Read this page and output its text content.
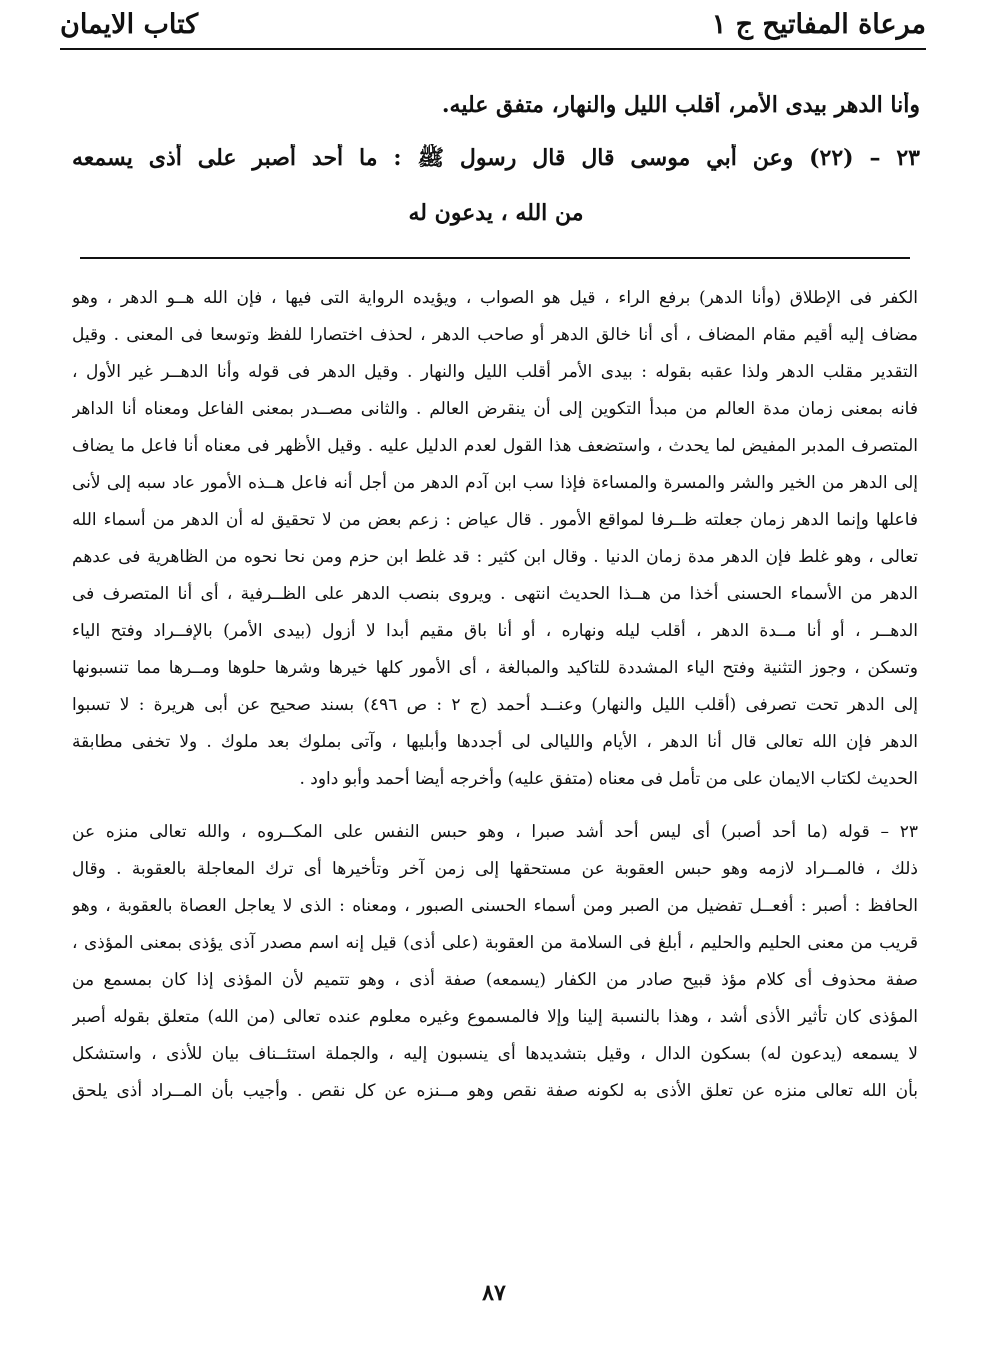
مرعاة المفاتيح ج ١
كتاب الايمان
وأنا الدهر بيدى الأمر، أقلب الليل والنهار، متفق عليه.
٢٣ – (٢٢) وعن أبي موسى قال قال رسول ﷺ : ما أحد أصبر على أذى يسمعه
من الله ، يدعون له
الكفر فى الإطلاق (وأنا الدهر) برفع الراء ، قيل هو الصواب ، ويؤيده الرواية التى فيها ، فإن الله هــو الدهر ، وهو
مضاف إليه أقيم مقام المضاف ، أى أنا خالق الدهر أو صاحب الدهر ، لحذف اختصارا للفظ وتوسعا فى المعنى . وقيل
التقدير مقلب الدهر ولذا عقبه بقوله : بيدى الأمر أقلب الليل والنهار . وقيل الدهر فى قوله وأنا الدهــر غير الأول ،
فانه بمعنى زمان مدة العالم من مبدأ التكوين إلى أن ينقرض العالم . والثانى مصــدر بمعنى الفاعل ومعناه أنا الداهر
المتصرف المدبر المفيض لما يحدث ، واستضعف هذا القول لعدم الدليل عليه . وقيل الأظهر فى معناه أنا فاعل ما يضاف
إلى الدهر من الخير والشر والمسرة والمساءة فإذا سب ابن آدم الدهر من أجل أنه فاعل هــذه الأمور عاد سبه إلى لأنى
فاعلها وإنما الدهر زمان جعلته ظــرفا لمواقع الأمور . قال عياض : زعم بعض من لا تحقيق له أن الدهر من أسماء الله
تعالى ، وهو غلط فإن الدهر مدة زمان الدنيا . وقال ابن كثير : قد غلط ابن حزم ومن نحا نحوه من الظاهرية فى عدهم
الدهر من الأسماء الحسنى أخذا من هــذا الحديث انتهى . ويروى بنصب الدهر على الظــرفية ، أى أنا المتصرف فى
الدهــر ، أو أنا مــدة الدهر ، أقلب ليله ونهاره ، أو أنا باق مقيم أبدا لا أزول (بيدى الأمر) بالإفــراد وفتح الياء
وتسكن ، وجوز التثنية وفتح الياء المشددة للتاكيد والمبالغة ، أى الأمور كلها خيرها وشرها حلوها ومــرها مما تنسبونها
إلى الدهر تحت تصرفى (أقلب الليل والنهار) وعنــد أحمد (ج ٢ : ص ٤٩٦) بسند صحيح عن أبى هريرة : لا تسبوا
الدهر فإن الله تعالى قال أنا الدهر ، الأيام والليالى لى أجددها وأبليها ، وآتى بملوك بعد ملوك . ولا تخفى مطابقة
الحديث لكتاب الايمان على من تأمل فى معناه (متفق عليه) وأخرجه أيضا أحمد وأبو داود .
٢٣ – قوله (ما أحد أصبر) أى ليس أحد أشد صبرا ، وهو حبس النفس على المكــروه ، والله تعالى منزه عن
ذلك ، فالمــراد لازمه وهو حبس العقوبة عن مستحقها إلى زمن آخر وتأخيرها أى ترك المعاجلة بالعقوبة . وقال
الحافظ : أصبر : أفعــل تفضيل من الصبر ومن أسماء الحسنى الصبور ، ومعناه : الذى لا يعاجل العصاة بالعقوبة ، وهو
قريب من معنى الحليم والحليم ، أبلغ فى السلامة من العقوبة (على أذى) قيل إنه اسم مصدر آذى يؤذى بمعنى المؤذى ،
صفة محذوف أى كلام مؤذ قبيح صادر من الكفار (يسمعه) صفة أذى ، وهو تتميم لأن المؤذى إذا كان بمسمع من
المؤذى كان تأثير الأذى أشد ، وهذا بالنسبة إلينا وإلا فالمسموع وغيره معلوم عنده تعالى (من الله) متعلق بقوله أصبر
لا يسمعه (يدعون له) بسكون الدال ، وقيل بتشديدها أى ينسبون إليه ، والجملة استئــناف بيان للأذى ، واستشكل
بأن الله تعالى منزه عن تعلق الأذى به لكونه صفة نقص وهو مــنزه عن كل نقص . وأجيب بأن المــراد أذى يلحق
٨٧
